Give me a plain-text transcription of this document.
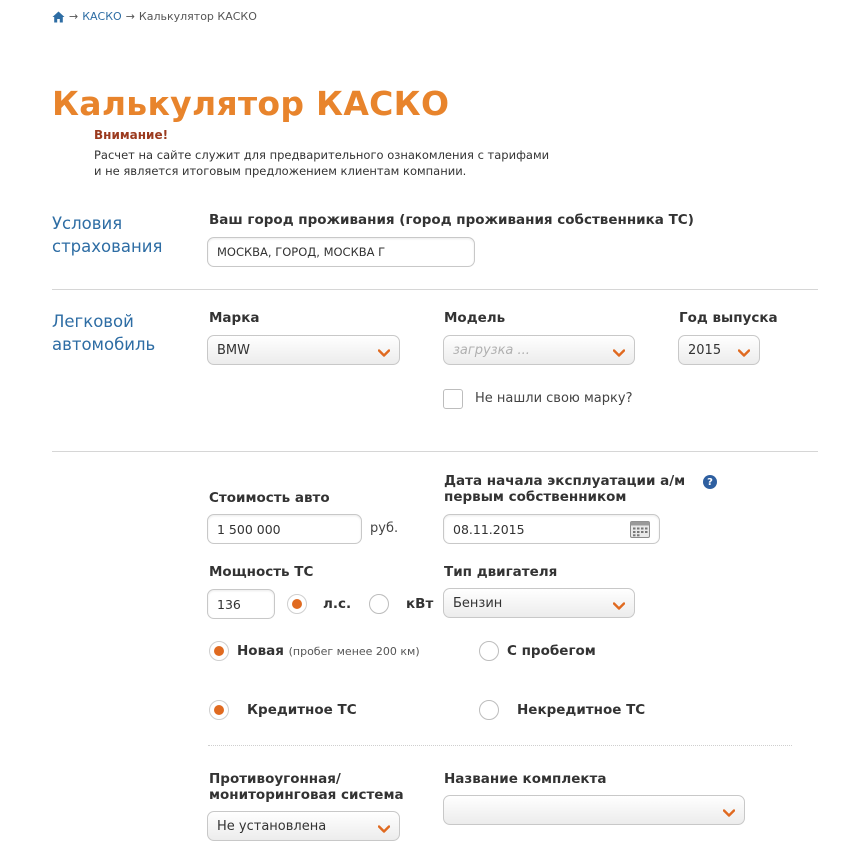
→ КАСКО → Калькулятор КАСКО
Калькулятор КАСКО
Внимание!
Расчет на сайте служит для предварительного ознакомления с тарифами
и не является итоговым предложением клиентам компании.
Условия
страхования
Ваш город проживания (город проживания собственника ТС)
МОСКВА, ГОРОД, МОСКВА Г
Легковой
автомобиль
Марка
BMW
Модель
загрузка ...
Год выпуска
2015
Не нашли свою марку?
Стоимость авто
1 500 000	руб.
Дата начала эксплуатации а/м
первым собственником
?
08.11.2015
Мощность ТС
136	л.с.	кВт
Тип двигателя
Бензин
Новая (пробег менее 200 км)	С пробегом
Кредитное ТС	Некредитное ТС
Противоугонная/
мониторинговая система
Не установлена
Название комплекта
